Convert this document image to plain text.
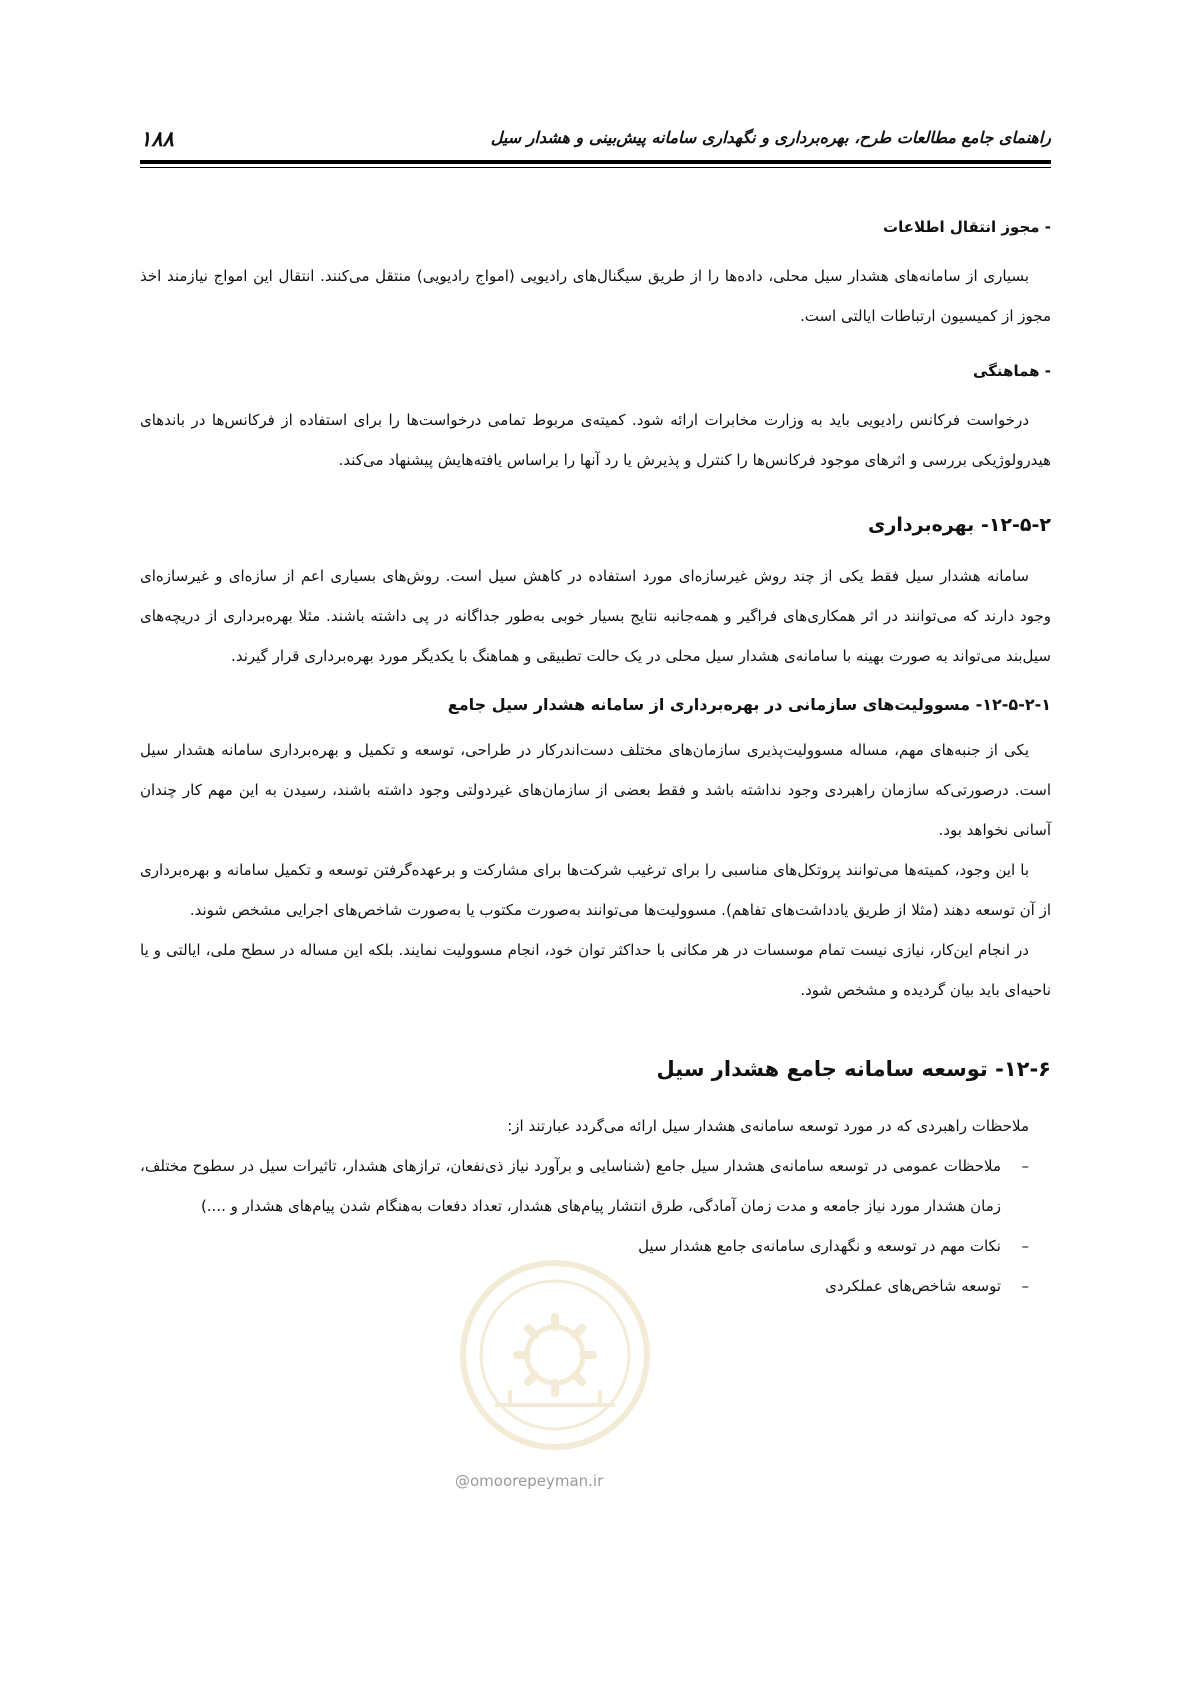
راهنمای جامع مطالعات طرح، بهره‌برداری و نگهداری سامانه پیش‌بینی و هشدار سیل
۱۸۸
- مجوز انتقال اطلاعات

بسیاری از سامانه‌های هشدار سیل محلی، داده‌ها را از طریق سیگنال‌های رادیویی (امواج رادیویی) منتقل می‌کنند. انتقال این امواج نیازمند اخذ مجوز از کمیسیون ارتباطات ایالتی است.

- هماهنگی

درخواست فرکانس رادیویی باید به وزارت مخابرات ارائه شود. کمیته‌ی مربوط تمامی درخواست‌ها را برای استفاده از فرکانس‌ها در باندهای هیدرولوژیکی بررسی و اثرهای موجود فرکانس‌ها را کنترل و پذیرش یا رد آنها را براساس یافته‌هایش پیشنهاد می‌کند.

۱۲-۵-۲- بهره‌برداری

سامانه هشدار سیل فقط یکی از چند روش غیرسازه‌ای مورد استفاده در کاهش سیل است. روش‌های بسیاری اعم از سازه‌ای و غیرسازه‌ای وجود دارند که می‌توانند در اثر همکاری‌های فراگیر و همه‌جانبه نتایج بسیار خوبی به‌طور جداگانه در پی داشته باشند. مثلا بهره‌برداری از دریچه‌های سیل‌بند می‌تواند به صورت بهینه با سامانه‌ی هشدار سیل محلی در یک حالت تطبیقی و هماهنگ با یکدیگر مورد بهره‌برداری قرار گیرند.

۱۲-۵-۲-۱- مسوولیت‌های سازمانی در بهره‌برداری از سامانه هشدار سیل جامع

یکی از جنبه‌های مهم، مساله مسوولیت‌پذیری سازمان‌های مختلف دست‌اندرکار در طراحی، توسعه و تکمیل و بهره‌برداری سامانه هشدار سیل است. درصورتی‌که سازمان راهبردی وجود نداشته باشد و فقط بعضی از سازمان‌های غیردولتی وجود داشته باشند، رسیدن به این مهم کار چندان آسانی نخواهد بود.

با این وجود، کمیته‌ها می‌توانند پروتکل‌های مناسبی را برای ترغیب شرکت‌ها برای مشارکت و برعهده‌گرفتن توسعه و تکمیل سامانه و بهره‌برداری از آن توسعه دهند (مثلا از طریق یادداشت‌های تفاهم). مسوولیت‌ها می‌توانند به‌صورت مکتوب یا به‌صورت شاخص‌های اجرایی مشخص شوند.

در انجام این‌کار، نیازی نیست تمام موسسات در هر مکانی با حداکثر توان خود، انجام مسوولیت نمایند. بلکه این مساله در سطح ملی، ایالتی و یا ناحیه‌ای باید بیان گردیده و مشخص شود.

۱۲-۶- توسعه سامانه جامع هشدار سیل

ملاحظات راهبردی که در مورد توسعه سامانه‌ی هشدار سیل ارائه می‌گردد عبارتند از:

–
ملاحظات عمومی در توسعه سامانه‌ی هشدار سیل جامع (شناسایی و برآورد نیاز ذی‌نفعان، ترازهای هشدار، تاثیرات سیل در سطوح مختلف، زمان هشدار مورد نیاز جامعه و مدت زمان آمادگی، طرق انتشار پیام‌های هشدار، تعداد دفعات به‌هنگام شدن پیام‌های هشدار و ....)
–
نکات مهم در توسعه و نگهداری سامانه‌ی جامع هشدار سیل
–
توسعه شاخص‌های عملکردی
@omoorepeyman.ir
